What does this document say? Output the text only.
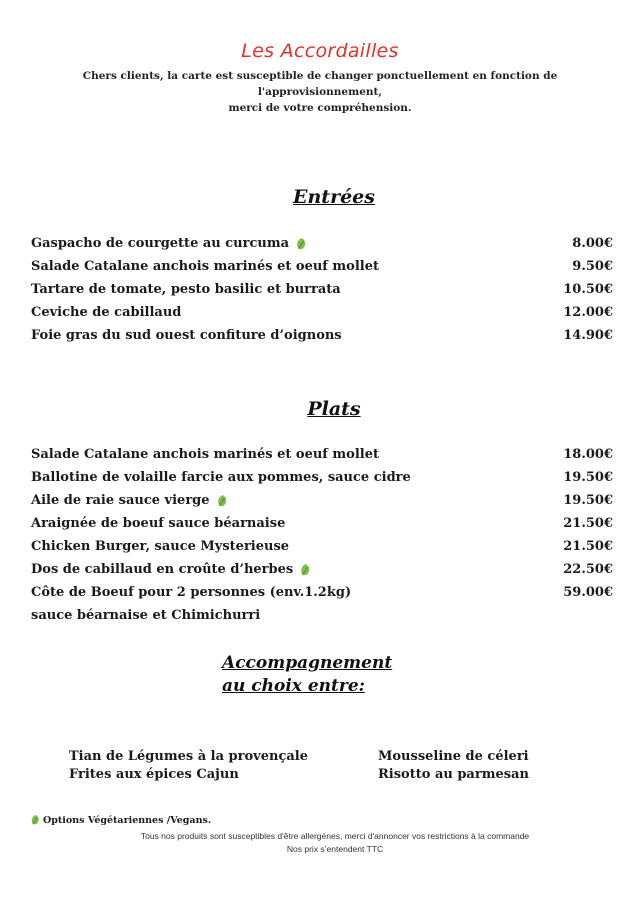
Les Accordailles
Chers clients, la carte est susceptible de changer ponctuellement en fonction de l'approvisionnement,
merci de votre compréhension.
Entrées
Gaspacho de courgette au curcuma	8.00€
Salade Catalane anchois marinés et oeuf mollet	9.50€
Tartare de tomate, pesto basilic et burrata	10.50€
Ceviche de cabillaud	12.00€
Foie gras du sud ouest confiture d’oignons	14.90€
Plats
Salade Catalane anchois marinés et oeuf mollet	18.00€
Ballotine de volaille farcie aux pommes, sauce cidre	19.50€
Aile de raie sauce vierge	19.50€
Araignée de boeuf sauce béarnaise	21.50€
Chicken Burger, sauce Mysterieuse	21.50€
Dos de cabillaud en croûte d’herbes	22.50€
Côte de Boeuf pour 2 personnes (env.1.2kg)	59.00€
sauce béarnaise et Chimichurri
Accompagnement
au choix entre:
Tian de Légumes à la provençale
Frites aux épices Cajun
Mousseline de céleri
Risotto au parmesan
Options Végétariennes /Vegans.
Tous nos produits sont susceptibles d'être allergènes, merci d'annoncer vos restrictions à la commande
Nos prix s’entendent TTC
